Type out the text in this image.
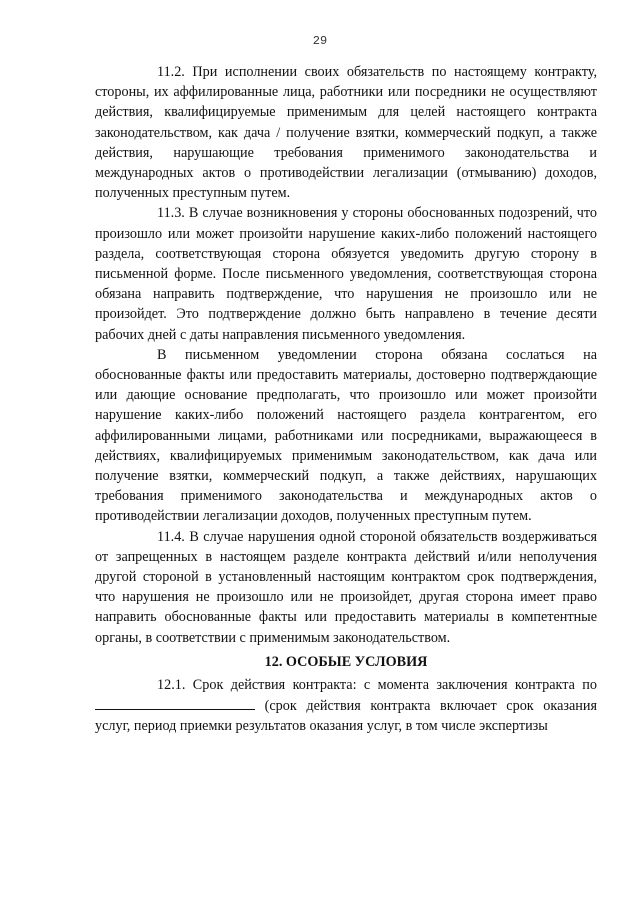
29

11.2. При исполнении своих обязательств по настоящему контракту, стороны, их аффилированные лица, работники или посредники не осуществляют действия, квалифицируемые применимым для целей настоящего контракта законодательством, как дача / получение взятки, коммерческий подкуп, а также действия, нарушающие требования применимого законодательства и международных актов о противодействии легализации (отмыванию) доходов, полученных преступным путем.

11.3. В случае возникновения у стороны обоснованных подозрений, что произошло или может произойти нарушение каких-либо положений настоящего раздела, соответствующая сторона обязуется уведомить другую сторону в письменной форме. После письменного уведомления, соответствующая сторона обязана направить подтверждение, что нарушения не произошло или не произойдет. Это подтверждение должно быть направлено в течение десяти рабочих дней с даты направления письменного уведомления.

В письменном уведомлении сторона обязана сослаться на обоснованные факты или предоставить материалы, достоверно подтверждающие или дающие основание предполагать, что произошло или может произойти нарушение каких-либо положений настоящего раздела контрагентом, его аффилированными лицами, работниками или посредниками, выражающееся в действиях, квалифицируемых применимым законодательством, как дача или получение взятки, коммерческий подкуп, а также действиях, нарушающих требования применимого законодательства и международных актов о противодействии легализации доходов, полученных преступным путем.

11.4. В случае нарушения одной стороной обязательств воздерживаться от запрещенных в настоящем разделе контракта действий и/или неполучения другой стороной в установленный настоящим контрактом срок подтверждения, что нарушения не произошло или не произойдет, другая сторона имеет право направить обоснованные факты или предоставить материалы в компетентные органы, в соответствии с применимым законодательством.

12. ОСОБЫЕ УСЛОВИЯ

12.1. Срок действия контракта: с момента заключения контракта по  (срок действия контракта включает срок оказания услуг, период приемки результатов оказания услуг, в том числе экспертизы
